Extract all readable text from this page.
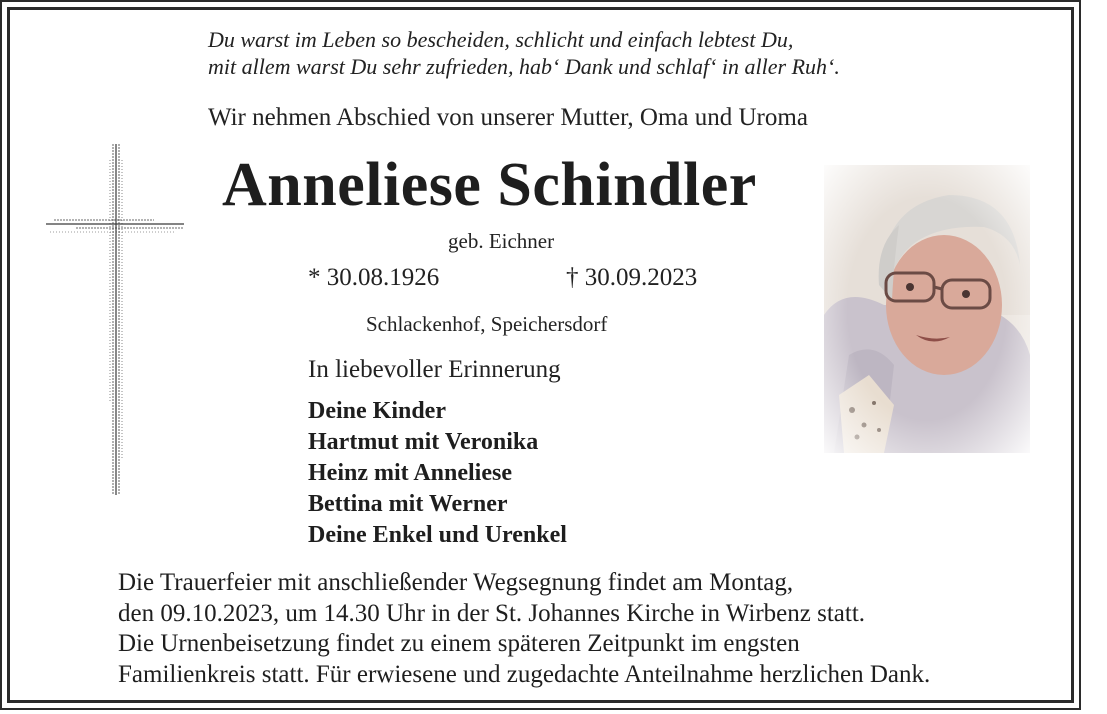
Du warst im Leben so bescheiden, schlicht und einfach lebtest Du,
mit allem warst Du sehr zufrieden, hab‘ Dank und schlaf‘ in aller Ruh‘.
Wir nehmen Abschied von unserer Mutter, Oma und Uroma
Anneliese Schindler
geb. Eichner
* 30.08.1926	† 30.09.2023
Schlackenhof, Speichersdorf
In liebevoller Erinnerung
Deine Kinder
Hartmut mit Veronika
Heinz mit Anneliese
Bettina mit Werner
Deine Enkel und Urenkel
Die Trauerfeier mit anschließender Wegsegnung findet am Montag,
den 09.10.2023, um 14.30 Uhr in der St. Johannes Kirche in Wirbenz statt.
Die Urnenbeisetzung findet zu einem späteren Zeitpunkt im engsten
Familienkreis statt. Für erwiesene und zugedachte Anteilnahme herzlichen Dank.
